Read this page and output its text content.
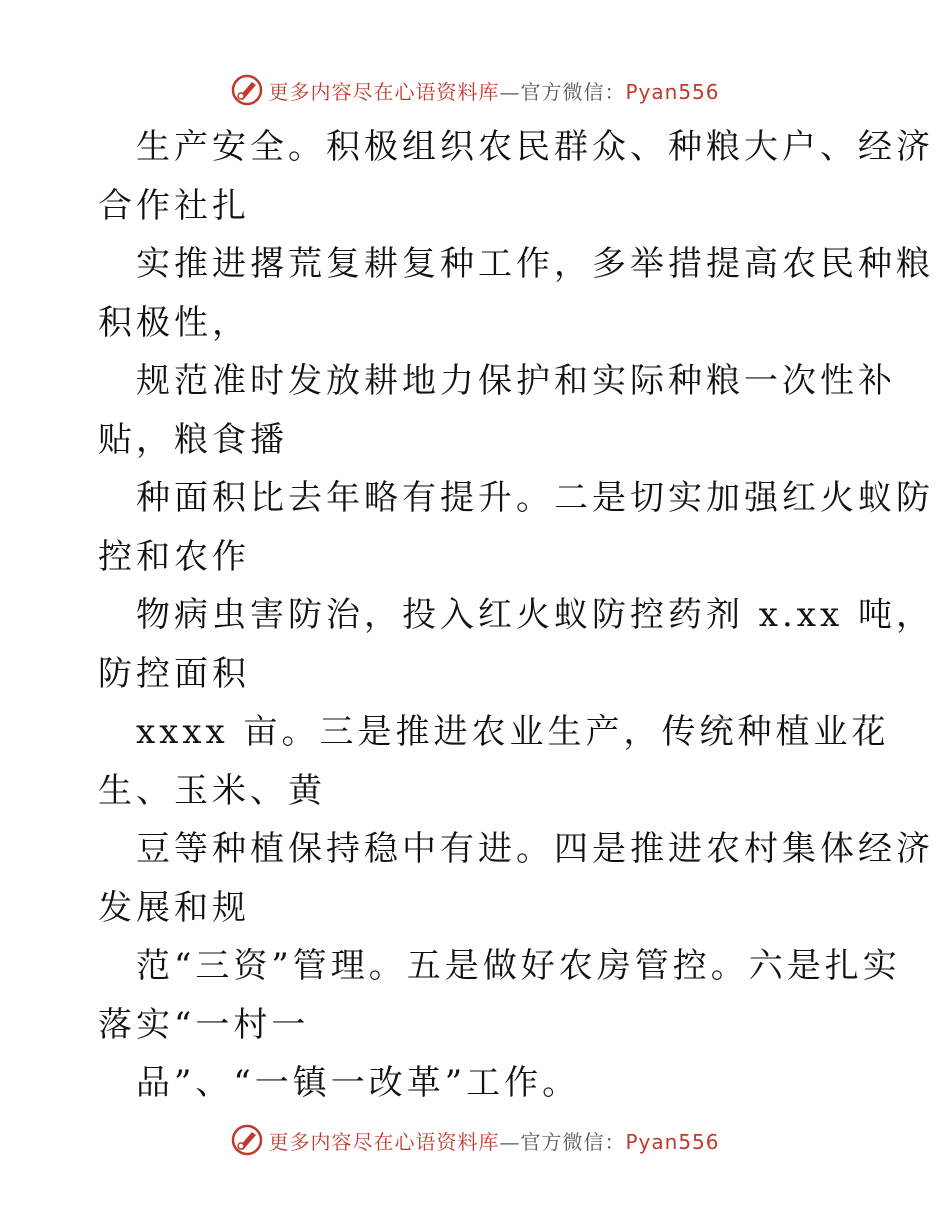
更多内容尽在心语资料库—官方微信：Pyan556
生产安全。积极组织农民群众、种粮大户、经济
合作社扎
实推进撂荒复耕复种工作，多举措提高农民种粮
积极性，
规范准时发放耕地力保护和实际种粮一次性补
贴，粮食播
种面积比去年略有提升。二是切实加强红火蚁防
控和农作
物病虫害防治，投入红火蚁防控药剂 x.xx 吨，
防控面积
xxxx 亩。三是推进农业生产，传统种植业花
生、玉米、黄
豆等种植保持稳中有进。四是推进农村集体经济
发展和规
范“三资”管理。五是做好农房管控。六是扎实
落实“一村一
品”、“一镇一改革”工作。
更多内容尽在心语资料库—官方微信：Pyan556
